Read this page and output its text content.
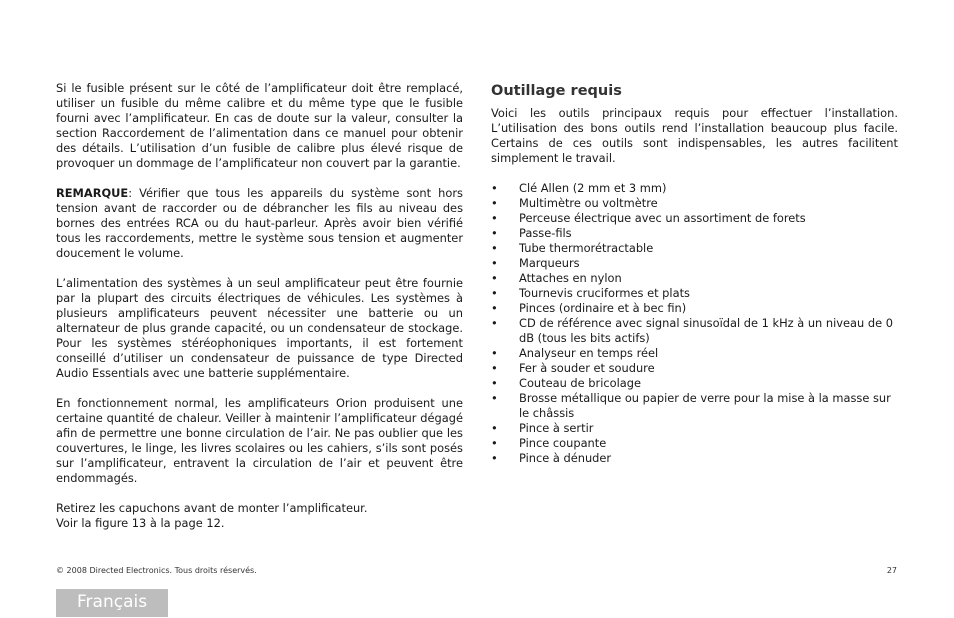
Si le fusible présent sur le côté de l’amplificateur doit être remplacé, utiliser un fusible du même calibre et du même type que le fusible fourni avec l’amplificateur. En cas de doute sur la valeur, consulter la section Raccordement de l’alimentation dans ce manuel pour obtenir des détails. L’utilisation d’un fusible de calibre plus élevé risque de provoquer un dommage de l’amplificateur non couvert par la garantie.

REMARQUE: Vérifier que tous les appareils du système sont hors tension avant de raccorder ou de débrancher les fils au niveau des bornes des entrées RCA ou du haut-parleur. Après avoir bien vérifié tous les raccordements, mettre le système sous tension et augmenter doucement le volume.

L’alimentation des systèmes à un seul amplificateur peut être fournie par la plupart des circuits électriques de véhicules. Les systèmes à plusieurs amplificateurs peuvent nécessiter une batterie ou un alternateur de plus grande capacité, ou un condensateur de stockage. Pour les systèmes stéréophoniques importants, il est fortement conseillé d’utiliser un condensateur de puissance de type Directed Audio Essentials avec une batterie supplémentaire.

En fonctionnement normal, les amplificateurs Orion produisent une certaine quantité de chaleur. Veiller à maintenir l’amplificateur dégagé afin de permettre une bonne circulation de l’air. Ne pas oublier que les couvertures, le linge, les livres scolaires ou les cahiers, s’ils sont posés sur l’amplificateur, entravent la circulation de l’air et peuvent être endommagés.

Retirez les capuchons avant de monter l’amplificateur.

Voir la figure 13 à la page 12.

Outillage requis

Voici les outils principaux requis pour effectuer l’installation. L’utilisation des bons outils rend l’installation beaucoup plus facile. Certains de ces outils sont indispensables, les autres facilitent simplement le travail.

• Clé Allen (2 mm et 3 mm)
• Multimètre ou voltmètre
• Perceuse électrique avec un assortiment de forets
• Passe-fils
• Tube thermorétractable
• Marqueurs
• Attaches en nylon
• Tournevis cruciformes et plats
• Pinces (ordinaire et à bec fin)
• CD de référence avec signal sinusoïdal de 1 kHz à un niveau de 0 dB (tous les bits actifs)
• Analyseur en temps réel
• Fer à souder et soudure
• Couteau de bricolage
• Brosse métallique ou papier de verre pour la mise à la masse sur le châssis
• Pince à sertir
• Pince coupante
• Pince à dénuder
© 2008 Directed Electronics. Tous droits réservés.	27
Français
